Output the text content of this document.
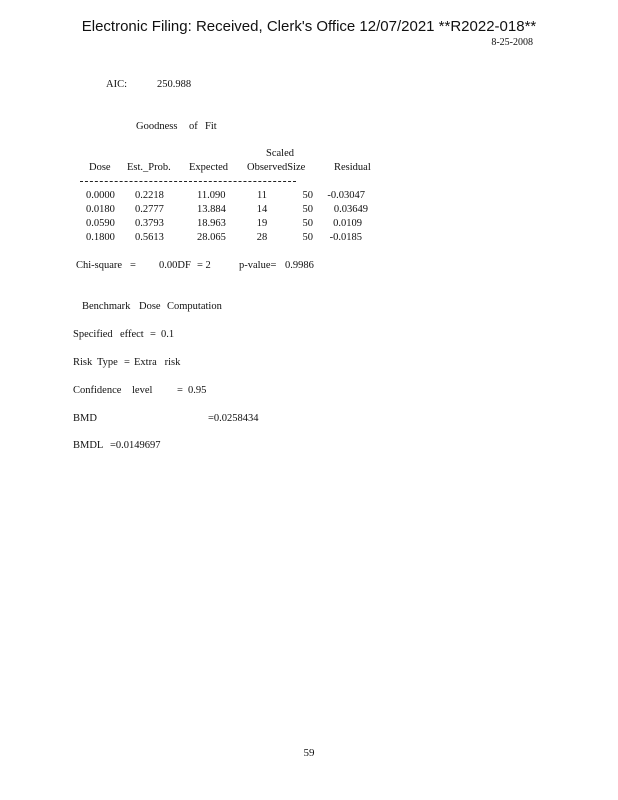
Electronic Filing: Received, Clerk's Office 12/07/2021 **R2022-018**
8-25-2008
AIC:	250.988
Goodness of Fit
Scaled
Dose Est._Prob. Expected ObservedSize	Residual
0.0000 0.2218	11.090	11	50	-0.03047
0.0180 0.2777	13.884	14	50	0.03649
0.0590 0.3793	18.963	19	50	0.0109
0.1800 0.5613	28.065	28	50	-0.0185
Chi-square = 0.00DF = 2	p-value= 0.9986
Benchmark Dose Computation
Specified effect = 0.1
Risk Type = Extra   risk
Confidence level = 0.95
BMD	=0.0258434
BMDL =0.0149697
59
